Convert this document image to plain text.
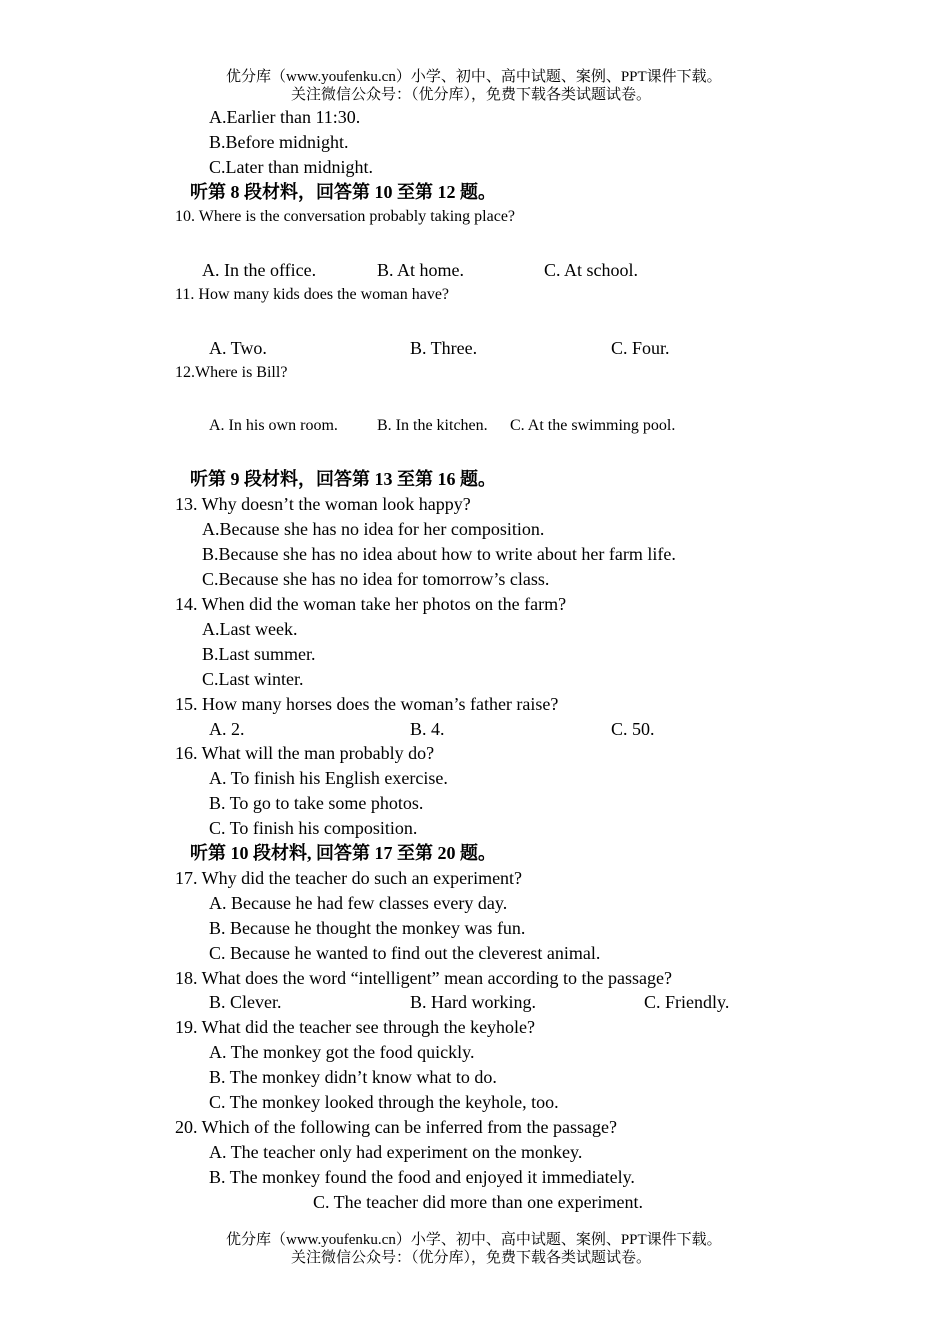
优分库（www.youfenku.cn）小学、初中、高中试题、案例、PPT课件下载。
关注微信公众号：（优分库），免费下载各类试题试卷。
A.Earlier than 11:30.
B.Before midnight.
C.Later than midnight.
听第 8 段材料，回答第 10 至第 12 题。
10. Where is the conversation probably taking place?
A. In the office.	B. At home.	C. At school.
11. How many kids does the woman have?
A. Two.	B. Three.	C. Four.
12.Where is Bill?
A. In his own room. B. In the kitchen. C. At the swimming pool.
听第 9 段材料，回答第 13 至第 16 题。
13. Why doesn’t the woman look happy?
A.Because she has no idea for her composition.
B.Because she has no idea about how to write about her farm life.
C.Because she has no idea for tomorrow’s class.
14. When did the woman take her photos on the farm?
A.Last week.
B.Last summer.
C.Last winter.
15. How many horses does the woman’s father raise?
A. 2.	B. 4.	C. 50.
16. What will the man probably do?
A. To finish his English exercise.
B. To go to take some photos.
C. To finish his composition.
听第 10 段材料, 回答第 17 至第 20 题。
17. Why did the teacher do such an experiment?
A. Because he had few classes every day.
B. Because he thought the monkey was fun.
C. Because he wanted to find out the cleverest animal.
18. What does the word “intelligent” mean according to the passage?
B. Clever.	B. Hard working.	C. Friendly.
19. What did the teacher see through the keyhole?
A. The monkey got the food quickly.
B. The monkey didn’t know what to do.
C. The monkey looked through the keyhole, too.
20. Which of the following can be inferred from the passage?
A. The teacher only had experiment on the monkey.
B. The monkey found the food and enjoyed it immediately.
C. The teacher did more than one experiment.
优分库（www.youfenku.cn）小学、初中、高中试题、案例、PPT课件下载。
关注微信公众号：（优分库），免费下载各类试题试卷。
